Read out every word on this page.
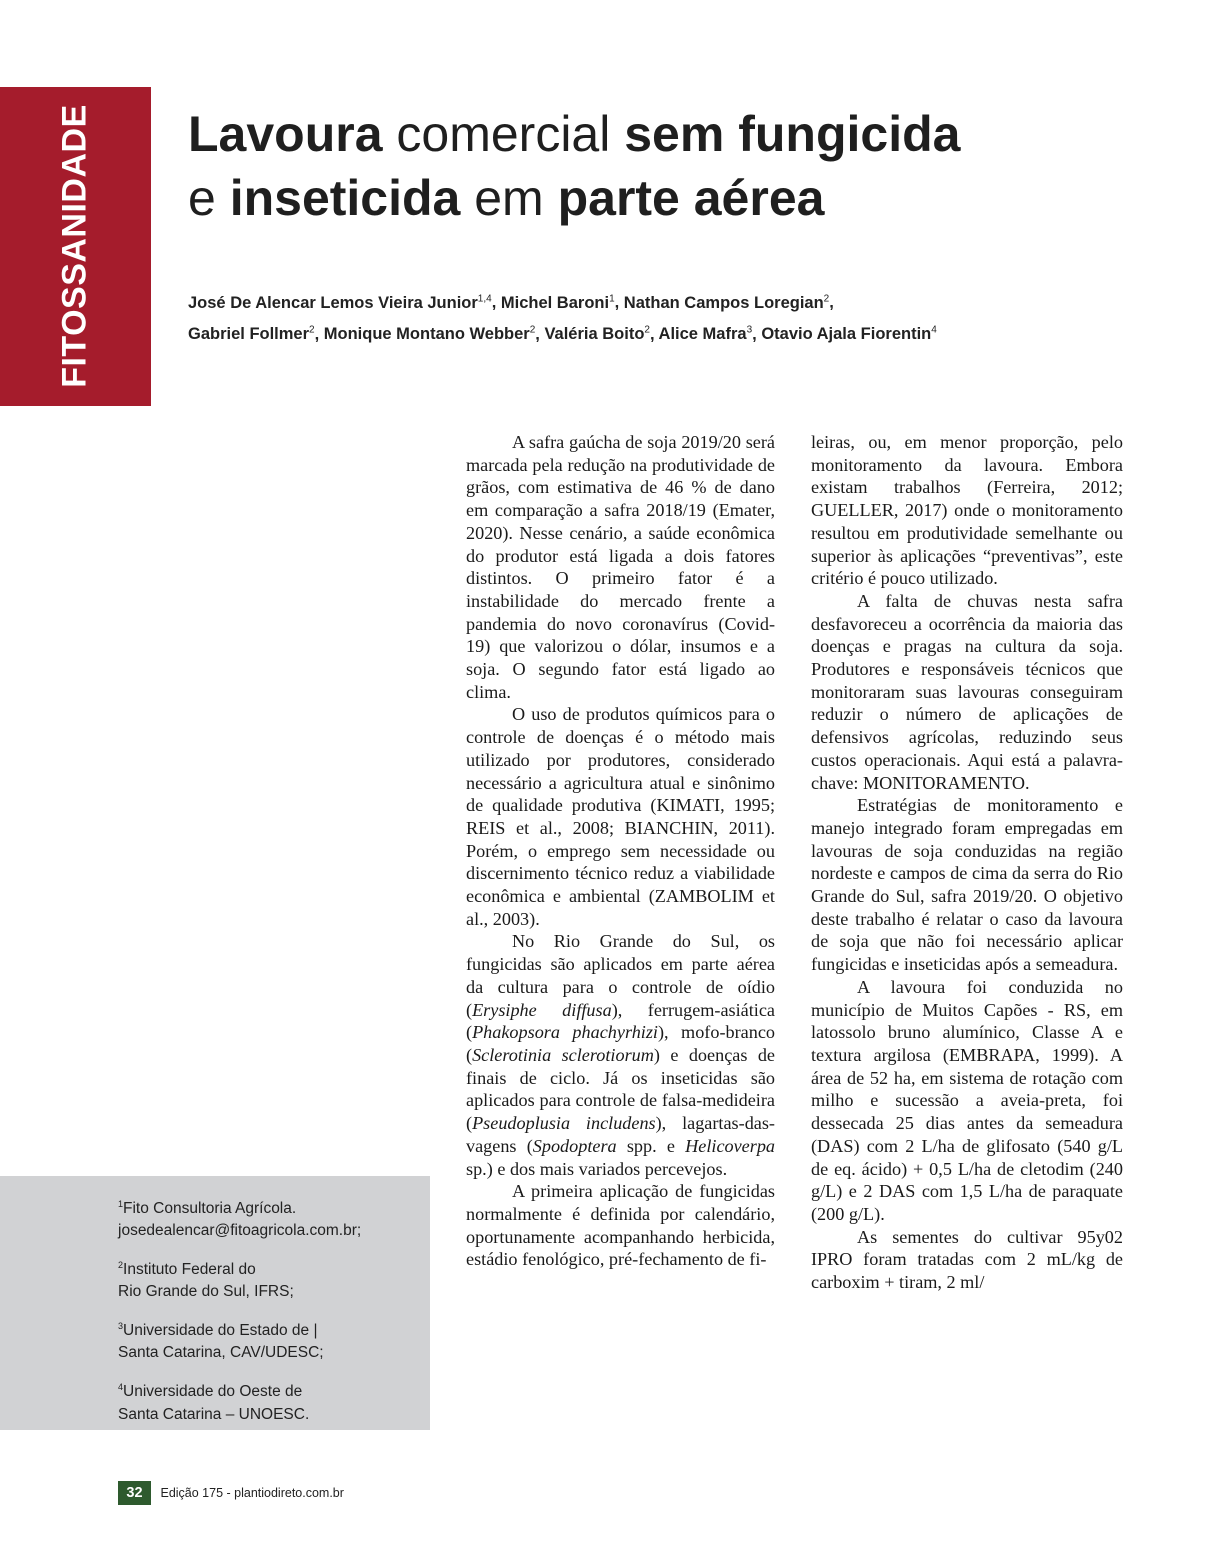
FITOSSANIDADE Lavoura comercial sem fungicida
e inseticida em parte aérea
José De Alencar Lemos Vieira Junior$^{1,4}$, Michel Baroni$^1$, Nathan Campos Loregian$^2$,
Gabriel Follmer$^2$, Monique Montano Webber$^2$, Valéria Boito$^2$, Alice Mafra$^3$, Otavio Ajala Fiorentin$^4$

A safra gaúcha de soja 2019/20 será marcada pela redução na produtividade de grãos, com estimativa de 46 % de dano em comparação a safra 2018/19 (Emater, 2020). Nesse cenário, a saúde econômica do produtor está ligada a dois fatores distintos. O primeiro fator é a instabilidade do mercado frente a pandemia do novo coronavírus (Covid-19) que valorizou o dólar, insumos e a soja. O segundo fator está ligado ao clima.

O uso de produtos químicos para o controle de doenças é o método mais utilizado por produtores, considerado necessário a agricultura atual e sinônimo de qualidade produtiva (KIMATI, 1995; REIS et al., 2008; BIANCHIN, 2011). Porém, o emprego sem necessidade ou discernimento técnico reduz a viabilidade econômica e ambiental (ZAMBOLIM et al., 2003).

No Rio Grande do Sul, os fungicidas são aplicados em parte aérea da cultura para o controle de oídio (Erysiphe diffusa), ferrugem-asiática (Phakopsora phachyrhizi), mofo-branco (Sclerotinia sclerotiorum) e doenças de finais de ciclo. Já os inseticidas são aplicados para controle de falsa-medideira (Pseudoplusia includens), lagartas-das-vagens (Spodoptera spp. e Helicoverpa sp.) e dos mais variados percevejos.

A primeira aplicação de fungicidas normalmente é definida por calendário, oportunamente acompanhando herbicida, estádio fenológico, pré-fechamento de fi-

leiras, ou, em menor proporção, pelo monitoramento da lavoura. Embora existam trabalhos (Ferreira, 2012; GUELLER, 2017) onde o monitoramento resultou em produtividade semelhante ou superior às aplicações “preventivas”, este critério é pouco utilizado.

A falta de chuvas nesta safra desfavoreceu a ocorrência da maioria das doenças e pragas na cultura da soja. Produtores e responsáveis técnicos que monitoraram suas lavouras conseguiram reduzir o número de aplicações de defensivos agrícolas, reduzindo seus custos operacionais. Aqui está a palavra-chave: MONITORAMENTO.

Estratégias de monitoramento e manejo integrado foram empregadas em lavouras de soja conduzidas na região nordeste e campos de cima da serra do Rio Grande do Sul, safra 2019/20. O objetivo deste trabalho é relatar o caso da lavoura de soja que não foi necessário aplicar fungicidas e inseticidas após a semeadura.

A lavoura foi conduzida no município de Muitos Capões - RS, em latossolo bruno alumínico, Classe A e textura argilosa (EMBRAPA, 1999). A área de 52 ha, em sistema de rotação com milho e sucessão a aveia-preta, foi dessecada 25 dias antes da semeadura (DAS) com 2 L/ha de glifosato (540 g/L de eq. ácido) + 0,5 L/ha de cletodim (240 g/L) e 2 DAS com 1,5 L/ha de paraquate (200 g/L).

As sementes do cultivar 95y02 IPRO foram tratadas com 2 mL/kg de carboxim + tiram, 2 ml/

$^1$Fito Consultoria Agrícola.
josedealencar@fitoagricola.com.br;
$^2$Instituto Federal do
Rio Grande do Sul, IFRS;
$^3$Universidade do Estado de |
Santa Catarina, CAV/UDESC;
$^4$Universidade do Oeste de
Santa Catarina – UNOESC.
32 Edição 175 - plantiodireto.com.br
